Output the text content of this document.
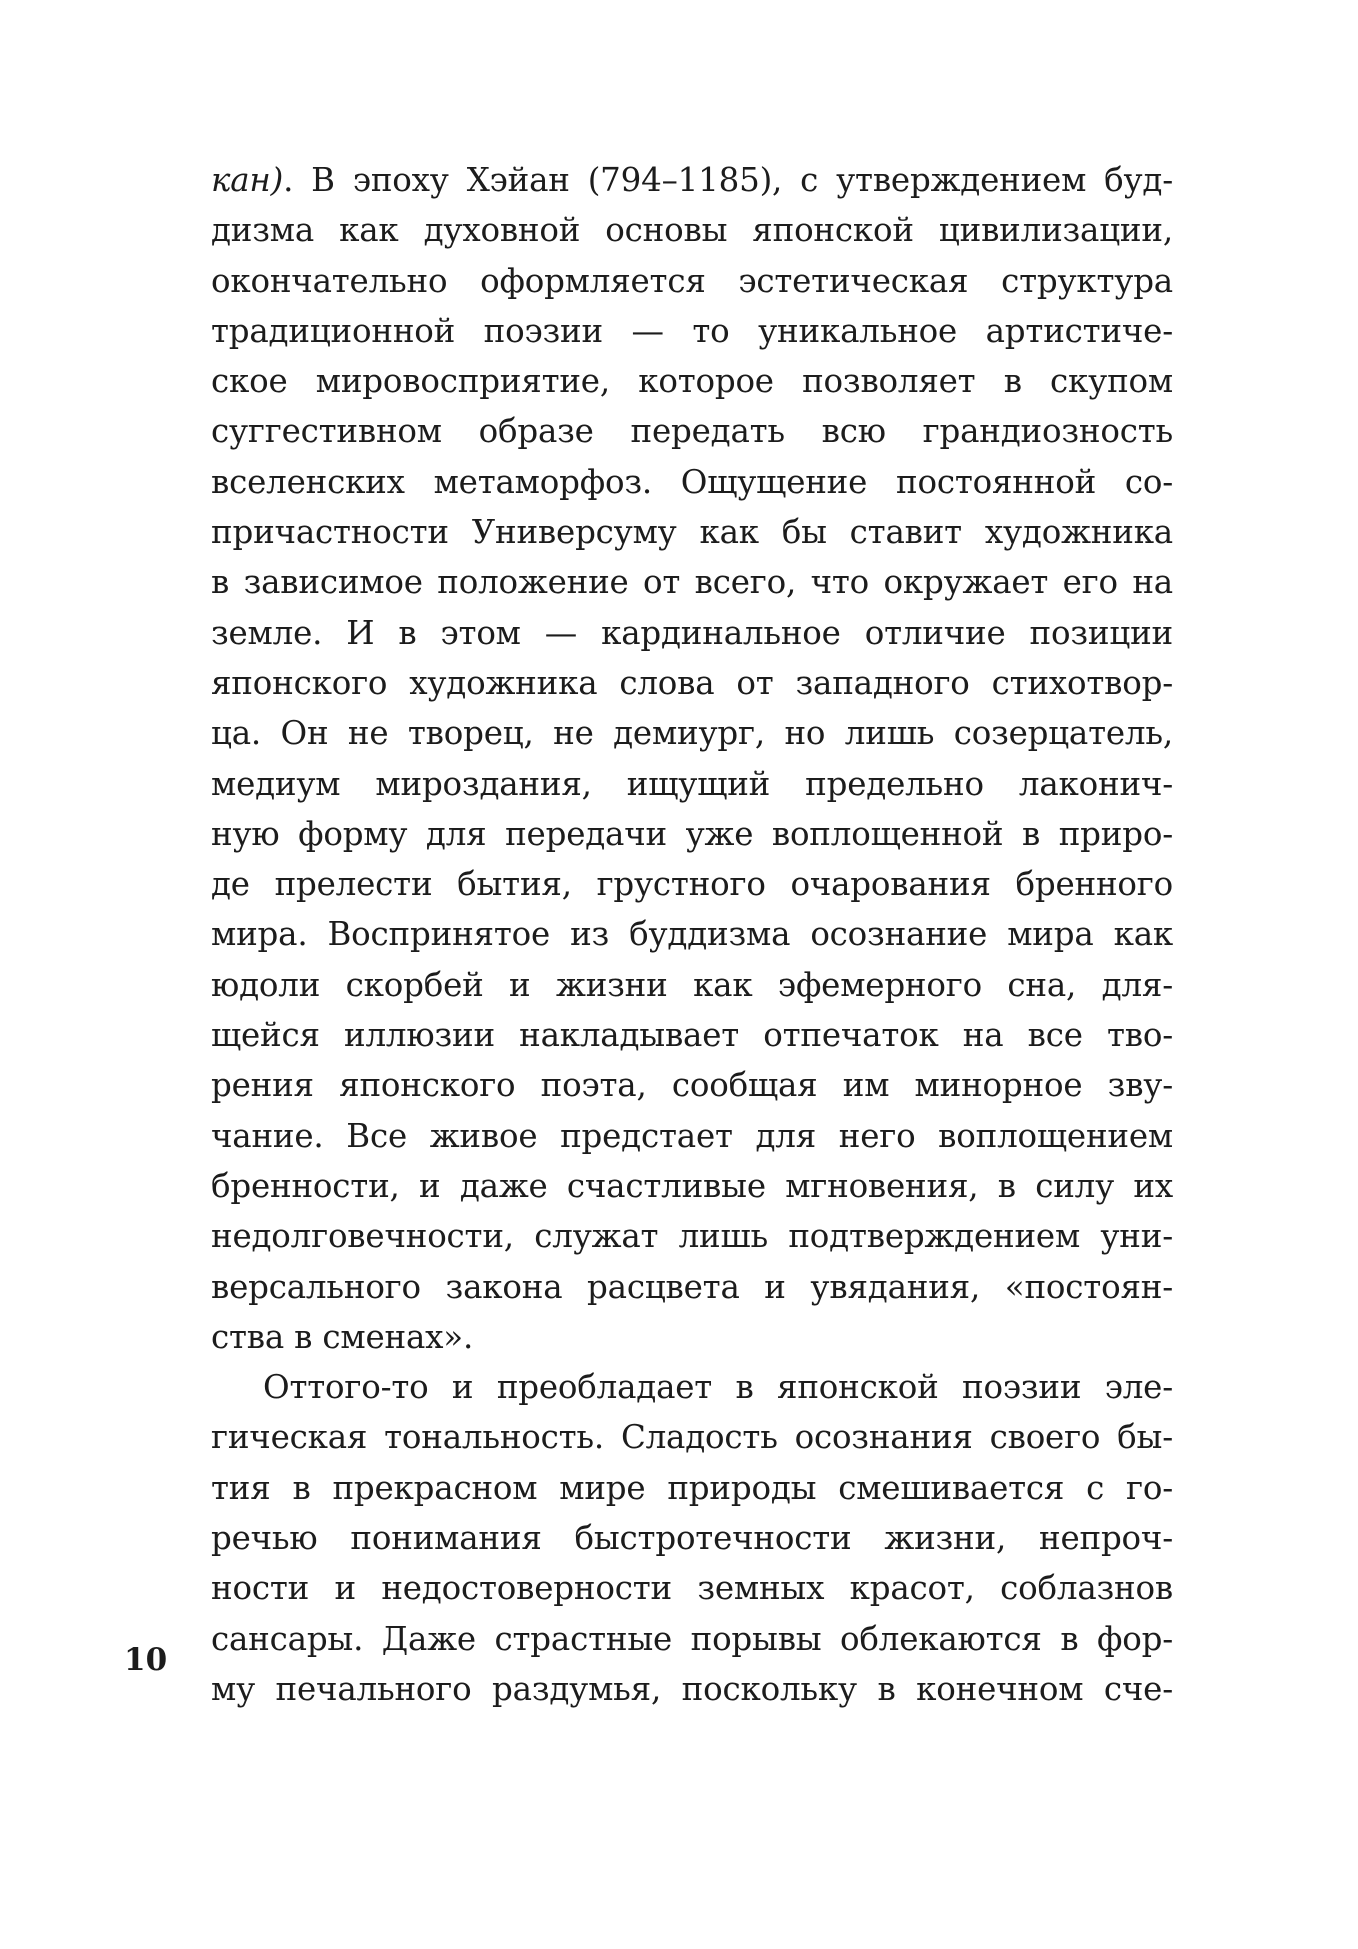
кан). В эпоху Хэйан (794–1185), с утверждением буд-
дизма как духовной основы японской цивилизации,
окончательно оформляется эстетическая структура
традиционной поэзии — то уникальное артистиче-
ское мировосприятие, которое позволяет в скупом
суггестивном образе передать всю грандиозность
вселенских метаморфоз. Ощущение постоянной со-
причастности Универсуму как бы ставит художника
в зависимое положение от всего, что окружает его на
земле. И в этом — кардинальное отличие позиции
японского художника слова от западного стихотвор-
ца. Он не творец, не демиург, но лишь созерцатель,
медиум мироздания, ищущий предельно лаконич-
ную форму для передачи уже воплощенной в приро-
де прелести бытия, грустного очарования бренного
мира. Воспринятое из буддизма осознание мира как
юдоли скорбей и жизни как эфемерного сна, для-
щейся иллюзии накладывает отпечаток на все тво-
рения японского поэта, сообщая им минорное зву-
чание. Все живое предстает для него воплощением
бренности, и даже счастливые мгновения, в силу их
недолговечности, служат лишь подтверждением уни-
версального закона расцвета и увядания, «постоян-
ства в сменах».
Оттого-то и преобладает в японской поэзии эле-
гическая тональность. Сладость осознания своего бы-
тия в прекрасном мире природы смешивается с го-
речью понимания быстротечности жизни, непроч-
ности и недостоверности земных красот, соблазнов
сансары. Даже страстные порывы облекаются в фор-
му печального раздумья, поскольку в конечном сче-
10
